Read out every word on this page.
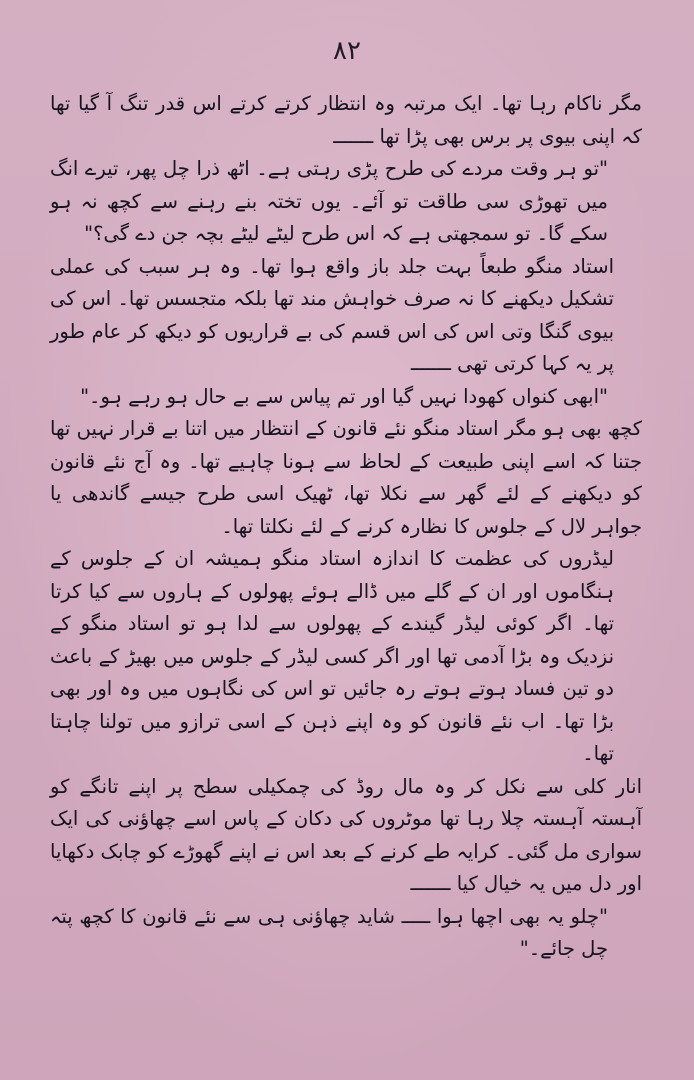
۸۲

مگر ناکام رہا تھا۔ ایک مرتبہ وہ انتظار کرتے کرتے اس قدر تنگ آ گیا تھا کہ اپنی بیوی پر برس بھی پڑا تھا ـــــــ

"تو ہر وقت مردے کی طرح پڑی رہتی ہے۔ اٹھ ذرا چل پھر، تیرے انگ میں تھوڑی سی طاقت تو آئے۔ یوں تختہ بنے رہنے سے کچھ نہ ہو سکے گا۔ تو سمجھتی ہے کہ اس طرح لیٹے لیٹے بچہ جن دے گی؟"

استاد منگو طبعاً بہت جلد باز واقع ہوا تھا۔ وہ ہر سبب کی عملی تشکیل دیکھنے کا نہ صرف خواہش مند تھا بلکہ متجسس تھا۔ اس کی بیوی گنگا وتی اس کی اس قسم کی بے قراریوں کو دیکھ کر عام طور پر یہ کہا کرتی تھی ـــــــ

"ابھی کنواں کھودا نہیں گیا اور تم پیاس سے بے حال ہو رہے ہو۔"

کچھ بھی ہو مگر استاد منگو نئے قانون کے انتظار میں اتنا بے قرار نہیں تھا جتنا کہ اسے اپنی طبیعت کے لحاظ سے ہونا چاہیے تھا۔ وہ آج نئے قانون کو دیکھنے کے لئے گھر سے نکلا تھا، ٹھیک اسی طرح جیسے گاندھی یا جواہر لال کے جلوس کا نظارہ کرنے کے لئے نکلتا تھا۔

لیڈروں کی عظمت کا اندازہ استاد منگو ہمیشہ ان کے جلوس کے ہنگاموں اور ان کے گلے میں ڈالے ہوئے پھولوں کے ہاروں سے کیا کرتا تھا۔ اگر کوئی لیڈر گیندے کے پھولوں سے لدا ہو تو استاد منگو کے نزدیک وہ بڑا آدمی تھا اور اگر کسی لیڈر کے جلوس میں بھیڑ کے باعث دو تین فساد ہوتے ہوتے رہ جائیں تو اس کی نگاہوں میں وہ اور بھی بڑا تھا۔ اب نئے قانون کو وہ اپنے ذہن کے اسی ترازو میں تولنا چاہتا تھا۔

انار کلی سے نکل کر وہ مال روڈ کی چمکیلی سطح پر اپنے تانگے کو آہستہ آہستہ چلا رہا تھا موٹروں کی دکان کے پاس اسے چھاؤنی کی ایک سواری مل گئی۔ کرایہ طے کرنے کے بعد اس نے اپنے گھوڑے کو چابک دکھایا اور دل میں یہ خیال کیا ـــــــ

"چلو یہ بھی اچھا ہوا ـــــ شاید چھاؤنی ہی سے نئے قانون کا کچھ پتہ چل جائے۔"
